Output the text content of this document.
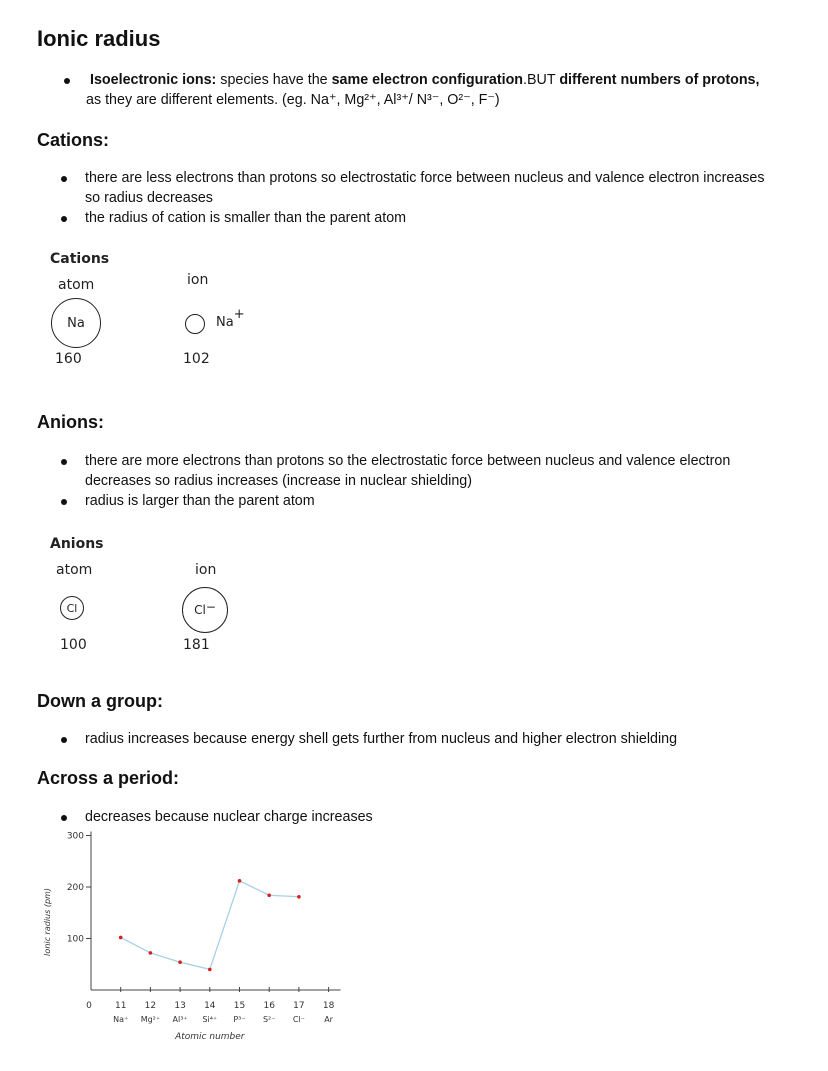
Ionic radius
Isoelectronic ions: species have the same electron configuration.BUT different numbers of protons,
as they are different elements. (eg. Na⁺, Mg²⁺, Al³⁺/ N³⁻, O²⁻, F⁻)
Cations:
there are less electrons than protons so electrostatic force between nucleus and valence electron increases so radius decreases
the radius of cation is smaller than the parent atom
Cations
atom	ion
Na	Na+
160	102
Anions:
there are more electrons than protons so the electrostatic force between nucleus and valence electron decreases so radius increases (increase in nuclear shielding)
radius is larger than the parent atom
Anions
atom	ion
Cl	Cl−
100	181
Down a group:
radius increases because energy shell gets further from nucleus and higher electron shielding
Across a period:
decreases because nuclear charge increases
100
200
300
0	11 12 13 14 15 16 17 18
Na⁺ Mg²⁺ Al³⁺ Si⁴⁺ P³⁻ S²⁻ Cl⁻ Ar
Atomic number
Ionic radius (pm)
